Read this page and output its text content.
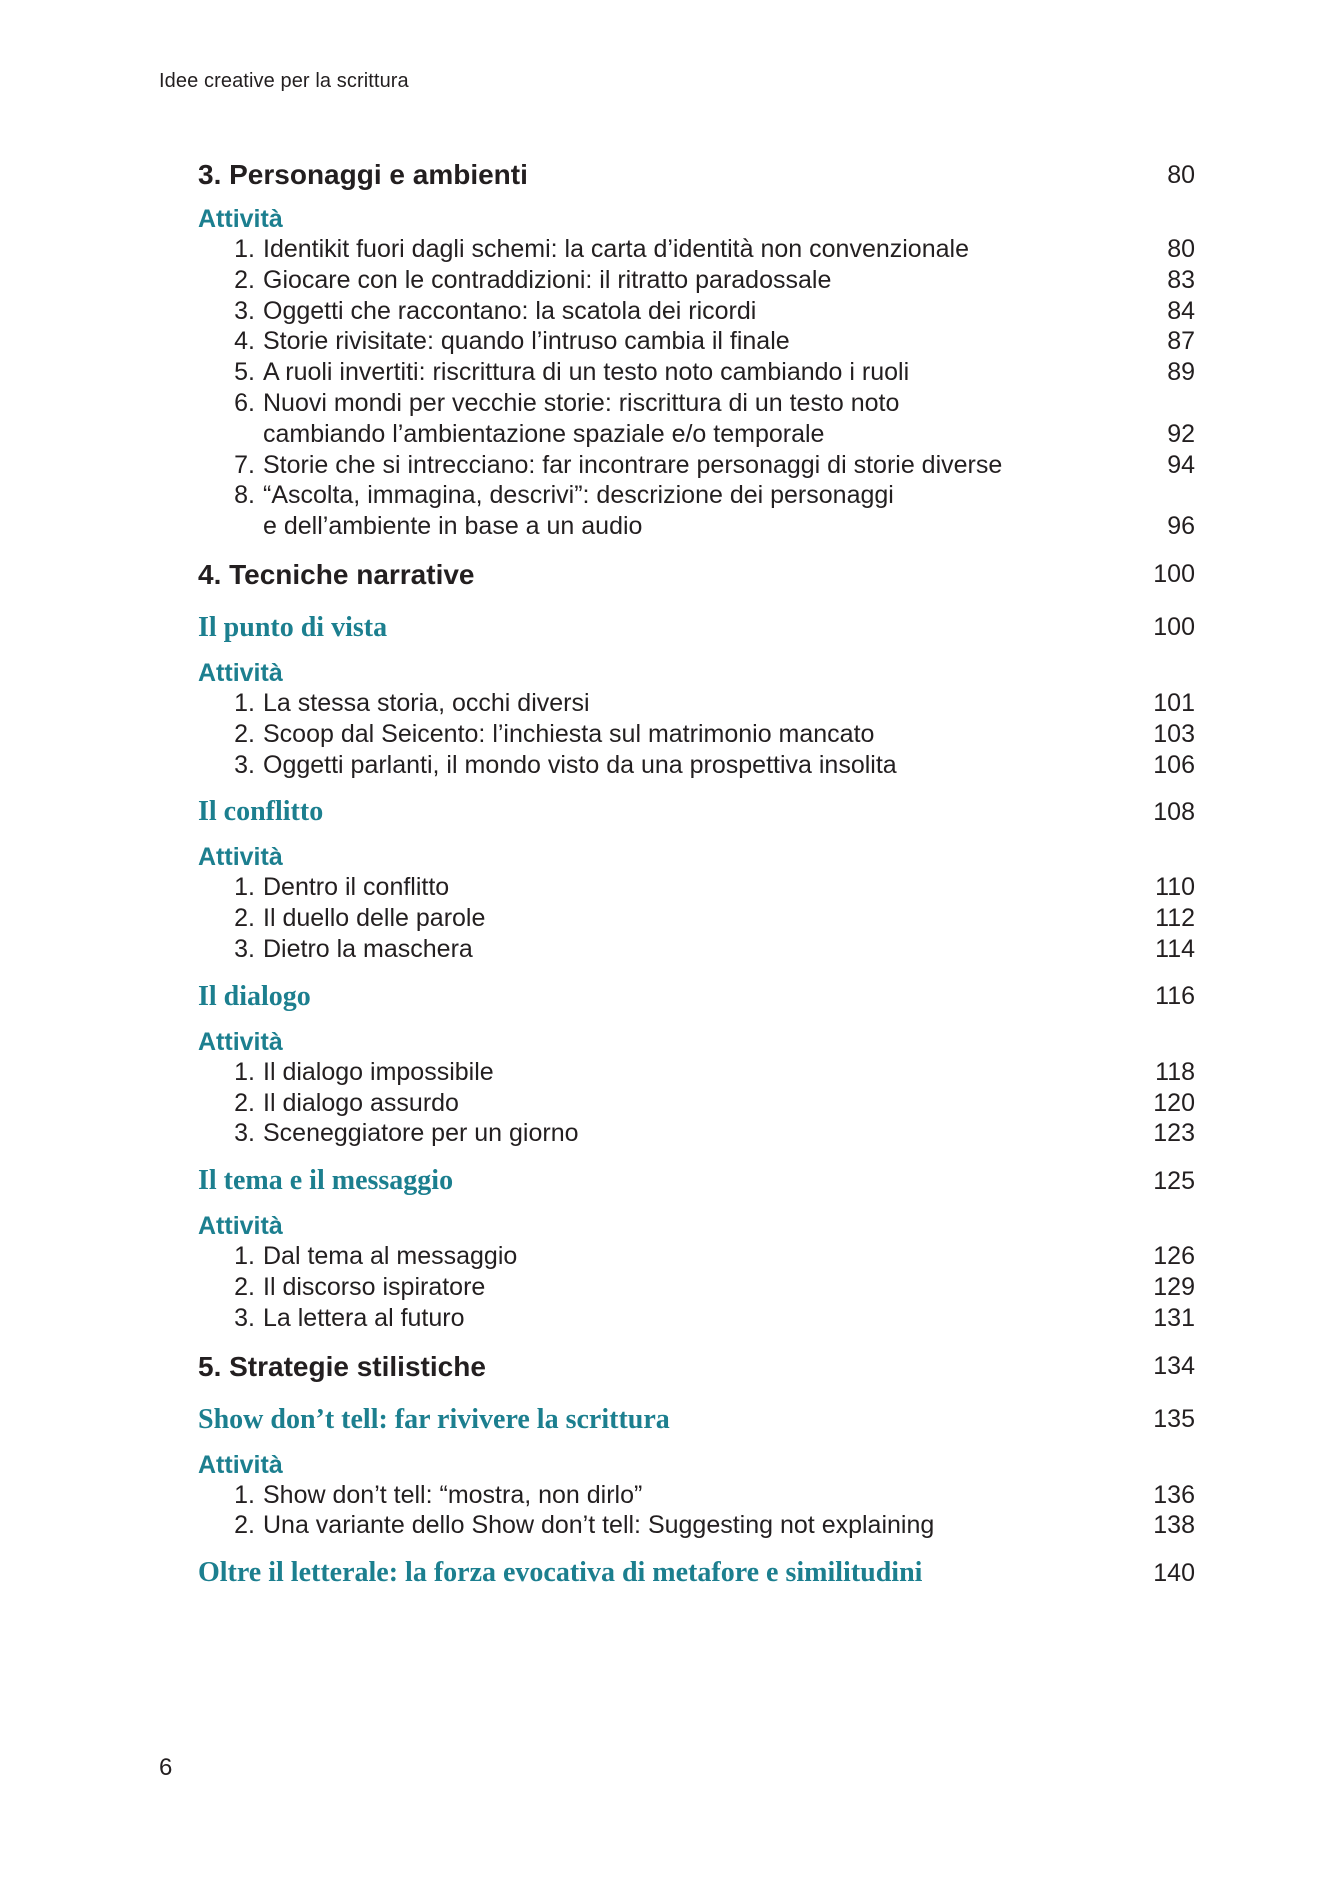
Idee creative per la scrittura
3. Personaggi e ambienti	80
Attività
1. Identikit fuori dagli schemi: la carta d’identità non convenzionale	80
2. Giocare con le contraddizioni: il ritratto paradossale	83
3. Oggetti che raccontano: la scatola dei ricordi	84
4. Storie rivisitate: quando l’intruso cambia il finale	87
5. A ruoli invertiti: riscrittura di un testo noto cambiando i ruoli	89
6. Nuovi mondi per vecchie storie: riscrittura di un testo noto
cambiando l’ambientazione spaziale e/o temporale	92
7. Storie che si intrecciano: far incontrare personaggi di storie diverse	94
8. “Ascolta, immagina, descrivi”: descrizione dei personaggi
e dell’ambiente in base a un audio	96
4. Tecniche narrative	100
Il punto di vista	100
Attività
1. La stessa storia, occhi diversi	101
2. Scoop dal Seicento: l’inchiesta sul matrimonio mancato	103
3. Oggetti parlanti, il mondo visto da una prospettiva insolita	106
Il conflitto	108
Attività
1. Dentro il conflitto	110
2. Il duello delle parole	112
3. Dietro la maschera	114
Il dialogo	116
Attività
1. Il dialogo impossibile	118
2. Il dialogo assurdo	120
3. Sceneggiatore per un giorno	123
Il tema e il messaggio	125
Attività
1. Dal tema al messaggio	126
2. Il discorso ispiratore	129
3. La lettera al futuro	131
5. Strategie stilistiche	134
Show don’t tell: far rivivere la scrittura	135
Attività
1. Show don’t tell: “mostra, non dirlo”	136
2. Una variante dello Show don’t tell: Suggesting not explaining	138
Oltre il letterale: la forza evocativa di metafore e similitudini	140
6
